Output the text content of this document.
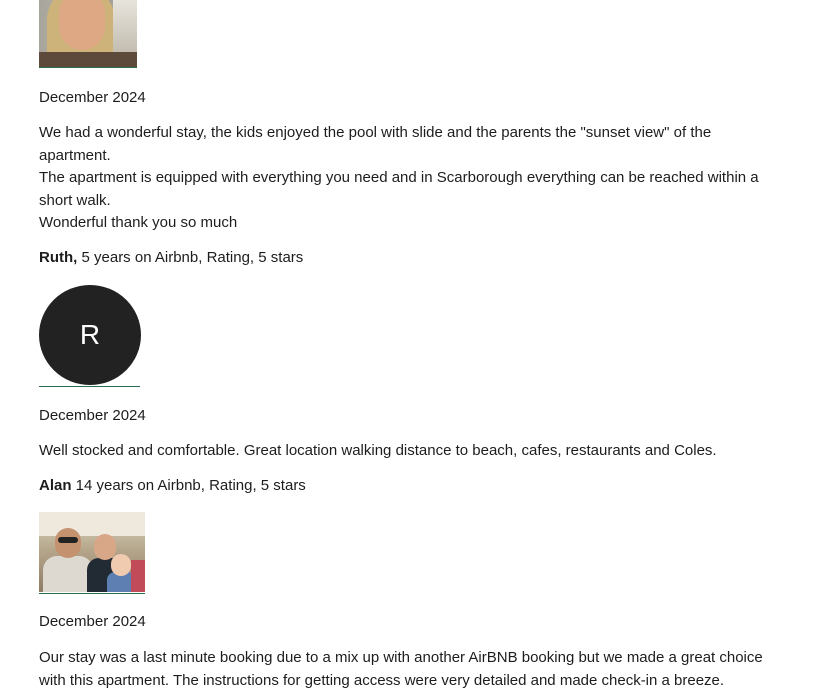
December 2024

We had a wonderful stay, the kids enjoyed the pool with slide and the parents the "sunset view" of the apartment.

The apartment is equipped with everything you need and in Scarborough everything can be reached within a short walk.

Wonderful thank you so much

Ruth, 5 years on Airbnb, Rating, 5 stars

R

December 2024

Well stocked and comfortable. Great location walking distance to beach, cafes, restaurants and Coles.

Alan 14 years on Airbnb, Rating, 5 stars

December 2024

Our stay was a last minute booking due to a mix up with another AirBNB booking but we made a great choice with this apartment. The instructions for getting access were very detailed and made check-in a breeze.
